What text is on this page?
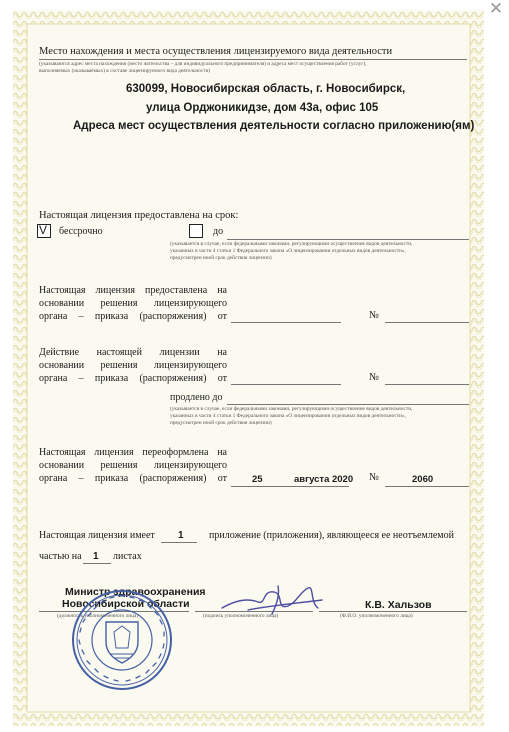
✕
Место нахождения и места осуществления лицензируемого вида деятельности
(указываются адрес места нахождения (место жительства – для индивидуального предпринимателя) и адреса мест осуществления работ (услуг),
выполняемых (оказываемых) в составе лицензируемого вида деятельности)
630099, Новосибирская область, г. Новосибирск,
улица Орджоникидзе, дом 43а, офис 105
Адреса мест осуществления деятельности согласно приложению(ям)
Настоящая лицензия предоставлена на срок:
V бессрочно	до
(указывается в случае, если федеральными законами, регулирующими осуществление видов деятельности,
указанных в части 4 статьи 1 Федерального закона «О лицензировании отдельных видов деятельности»,
предусмотрен иной срок действия лицензии)
Настоящая лицензия предоставлена на
основании решения лицензирующего
органа – приказа (распоряжения) от	№
Действие настоящей лицензии на
основании решения лицензирующего
органа – приказа (распоряжения) от	№
продлено до
(указывается в случае, если федеральными законами, регулирующими осуществление видов деятельности,
указанных в части 4 статьи 1 Федерального закона «О лицензировании отдельных видов деятельности»,
предусмотрен иной срок действия лицензии)
Настоящая лицензия переоформлена на
основании решения лицензирующего
органа – приказа (распоряжения) от	25	августа 2020 №	2060
Настоящая лицензия имеет 1	приложение (приложения), являющееся ее неотъемлемой
частью на 1 листах
Министр здравоохранения
Новосибирской области
(должность уполномоченного лица)	(подпись уполномоченного лица)
К.В. Хальзов
(Ф.И.О. уполномоченного лица)
